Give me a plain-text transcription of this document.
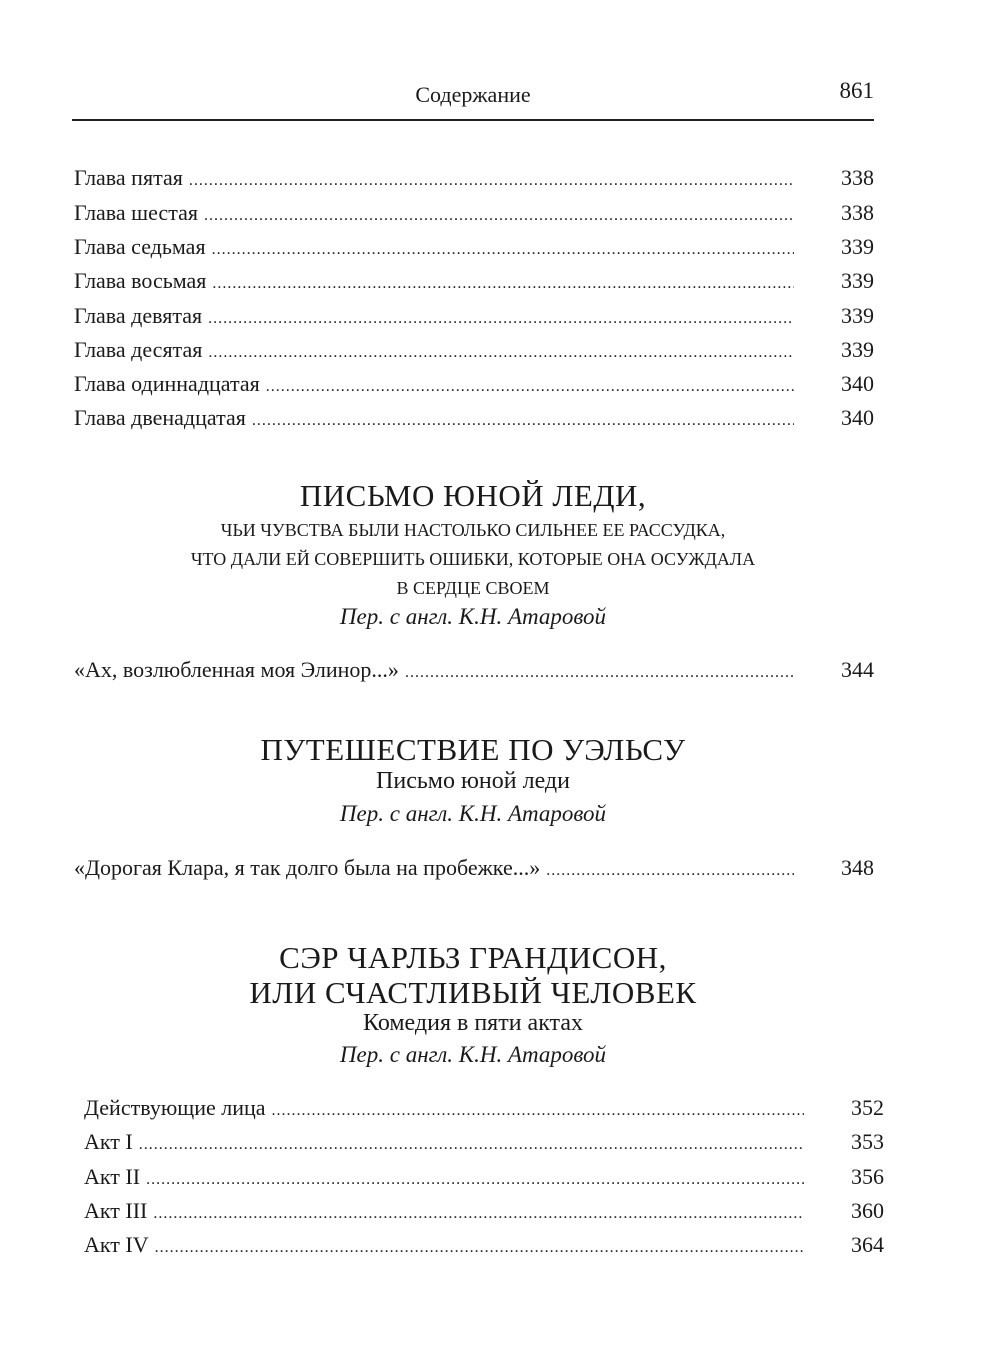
Содержание	861
Глава пятая .....	338
Глава шестая .....	338
Глава седьмая .....	339
Глава восьмая .....	339
Глава девятая .....	339
Глава десятая .....	339
Глава одиннадцатая .....	340
Глава двенадцатая .....	340
ПИСЬМО ЮНОЙ ЛЕДИ,
ЧЬИ ЧУВСТВА БЫЛИ НАСТОЛЬКО СИЛЬНЕЕ ЕЕ РАССУДКА,
ЧТО ДАЛИ ЕЙ СОВЕРШИТЬ ОШИБКИ, КОТОРЫЕ ОНА ОСУЖДАЛА
В СЕРДЦЕ СВОЕМ
Пер. с англ. К.Н. Атаровой
«Ах, возлюбленная моя Элинор...» .....	344
ПУТЕШЕСТВИЕ ПО УЭЛЬСУ
Письмо юной леди
Пер. с англ. К.Н. Атаровой
«Дорогая Клара, я так долго была на пробежке...» .....	348
СЭР ЧАРЛЬЗ ГРАНДИСОН,
ИЛИ СЧАСТЛИВЫЙ ЧЕЛОВЕК
Комедия в пяти актах
Пер. с англ. К.Н. Атаровой
Действующие лица .....	352
Акт I .....	353
Акт II .....	356
Акт III .....	360
Акт IV .....	364
